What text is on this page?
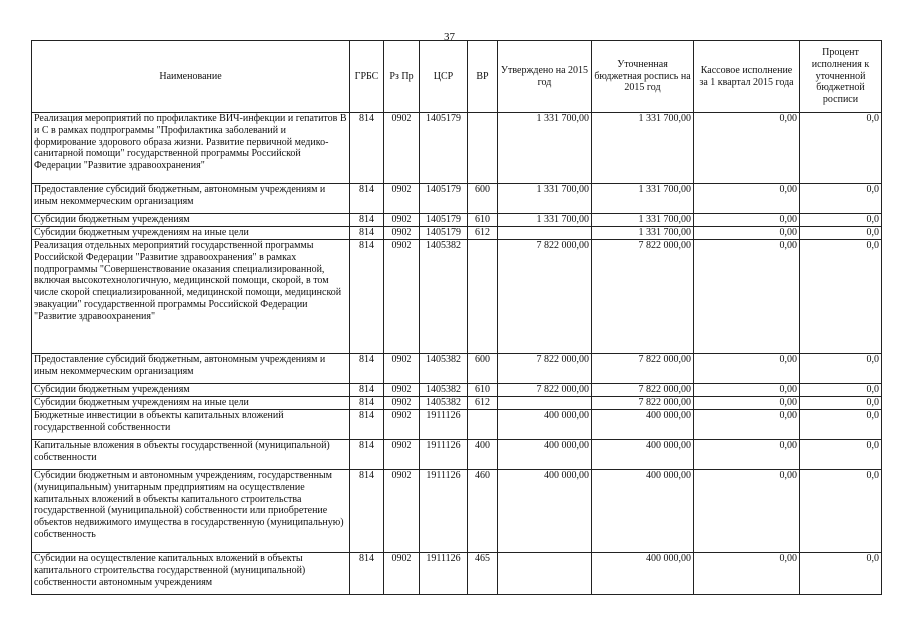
37
Наименование	ГРБС	Рз Пр	ЦСР	ВР	Утверждено на 2015 год	Уточненная бюджетная роспись на 2015 год	Кассовое исполнение за 1 квартал 2015 года	Процент исполнения к уточненной бюджетной росписи
Реализация мероприятий по профилактике ВИЧ-инфекции и гепатитов В и С в рамках подпрограммы "Профилактика заболеваний и формирование здорового образа жизни. Развитие первичной медико-санитарной помощи" государственной программы Российской Федерации "Развитие здравоохранения"	814	0902	1405179		1 331 700,00	1 331 700,00	0,00	0,0
Предоставление субсидий бюджетным, автономным учреждениям и иным некоммерческим организациям	814	0902	1405179	600	1 331 700,00	1 331 700,00	0,00	0,0
Субсидии бюджетным учреждениям	814	0902	1405179	610	1 331 700,00	1 331 700,00	0,00	0,0
Субсидии бюджетным учреждениям на иные цели	814	0902	1405179	612		1 331 700,00	0,00	0,0
Реализация отдельных мероприятий государственной программы Российской Федерации "Развитие здравоохранения" в рамках подпрограммы "Совершенствование оказания специализированной, включая высокотехнологичную, медицинской помощи, скорой, в том числе скорой специализированной, медицинской помощи, медицинской эвакуации" государственной программы Российской Федерации "Развитие здравоохранения"	814	0902	1405382		7 822 000,00	7 822 000,00	0,00	0,0
Предоставление субсидий бюджетным, автономным учреждениям и иным некоммерческим организациям	814	0902	1405382	600	7 822 000,00	7 822 000,00	0,00	0,0
Субсидии бюджетным учреждениям	814	0902	1405382	610	7 822 000,00	7 822 000,00	0,00	0,0
Субсидии бюджетным учреждениям на иные цели	814	0902	1405382	612		7 822 000,00	0,00	0,0
Бюджетные инвестиции в объекты капитальных вложений государственной собственности	814	0902	1911126		400 000,00	400 000,00	0,00	0,0
Капитальные вложения в объекты государственной (муниципальной) собственности	814	0902	1911126	400	400 000,00	400 000,00	0,00	0,0
Субсидии бюджетным и автономным учреждениям, государственным (муниципальным) унитарным предприятиям на осуществление капитальных вложений в объекты капитального строительства государственной (муниципальной) собственности или приобретение объектов недвижимого имущества в государственную (муниципальную) собственность	814	0902	1911126	460	400 000,00	400 000,00	0,00	0,0
Субсидии на осуществление капитальных вложений в объекты капитального строительства государственной (муниципальной) собственности автономным учреждениям	814	0902	1911126	465		400 000,00	0,00	0,0
